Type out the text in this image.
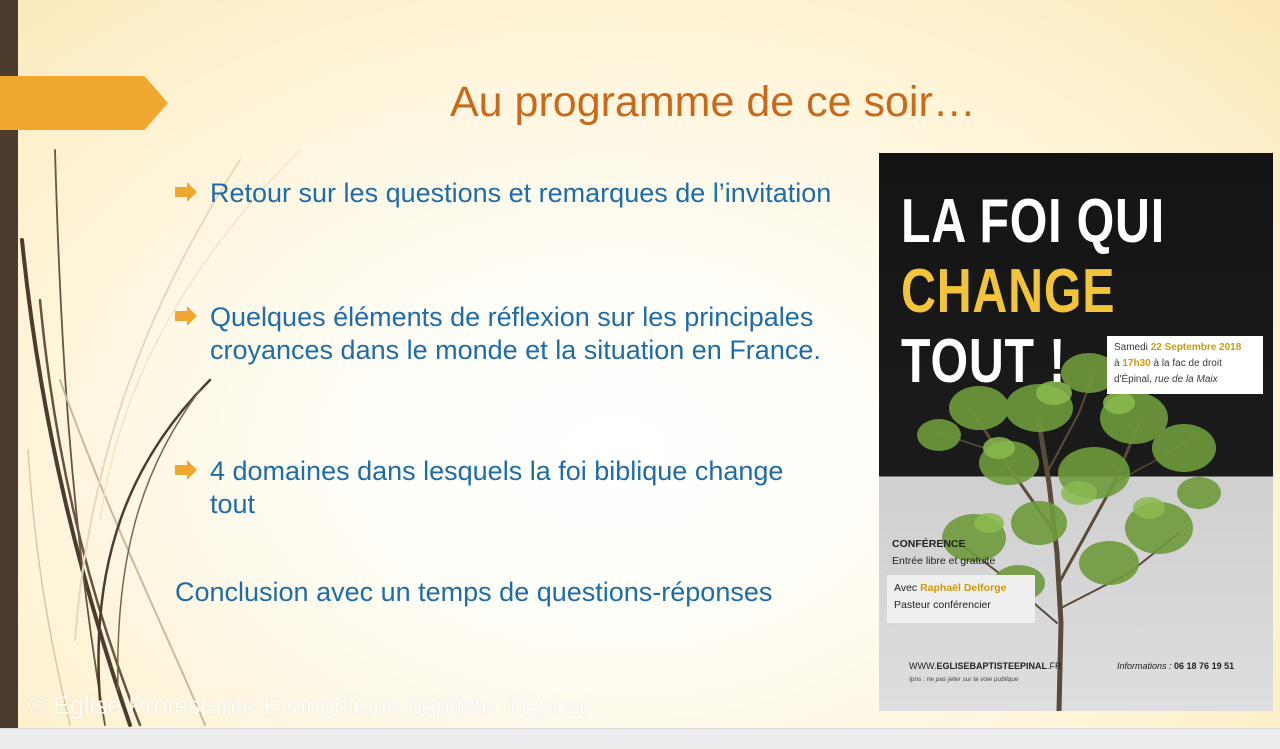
Au programme de ce soir…
Retour sur les questions et remarques de l’invitation
Quelques éléments de réflexion sur les principales croyances dans le monde et la situation en France.
4 domaines dans lesquels la foi biblique change tout
Conclusion avec un temps de questions-réponses
LA FOI QUI
CHANGE
TOUT !	Samedi 22 Septembre 2018
à 17h30 à la fac de droit
d'Épinal, rue de la Maix
CONFÉRENCE
Entrée libre et gratuite
Avec Raphaël Delforge
Pasteur conférencier
WWW.EGLISEBAPTISTEEPINAL.FR	Informations : 06 18 76 19 51
Ipns : ne pas jeter sur la voie publique
© Eglise Protestante Evangélique baptiste d'Epinal
